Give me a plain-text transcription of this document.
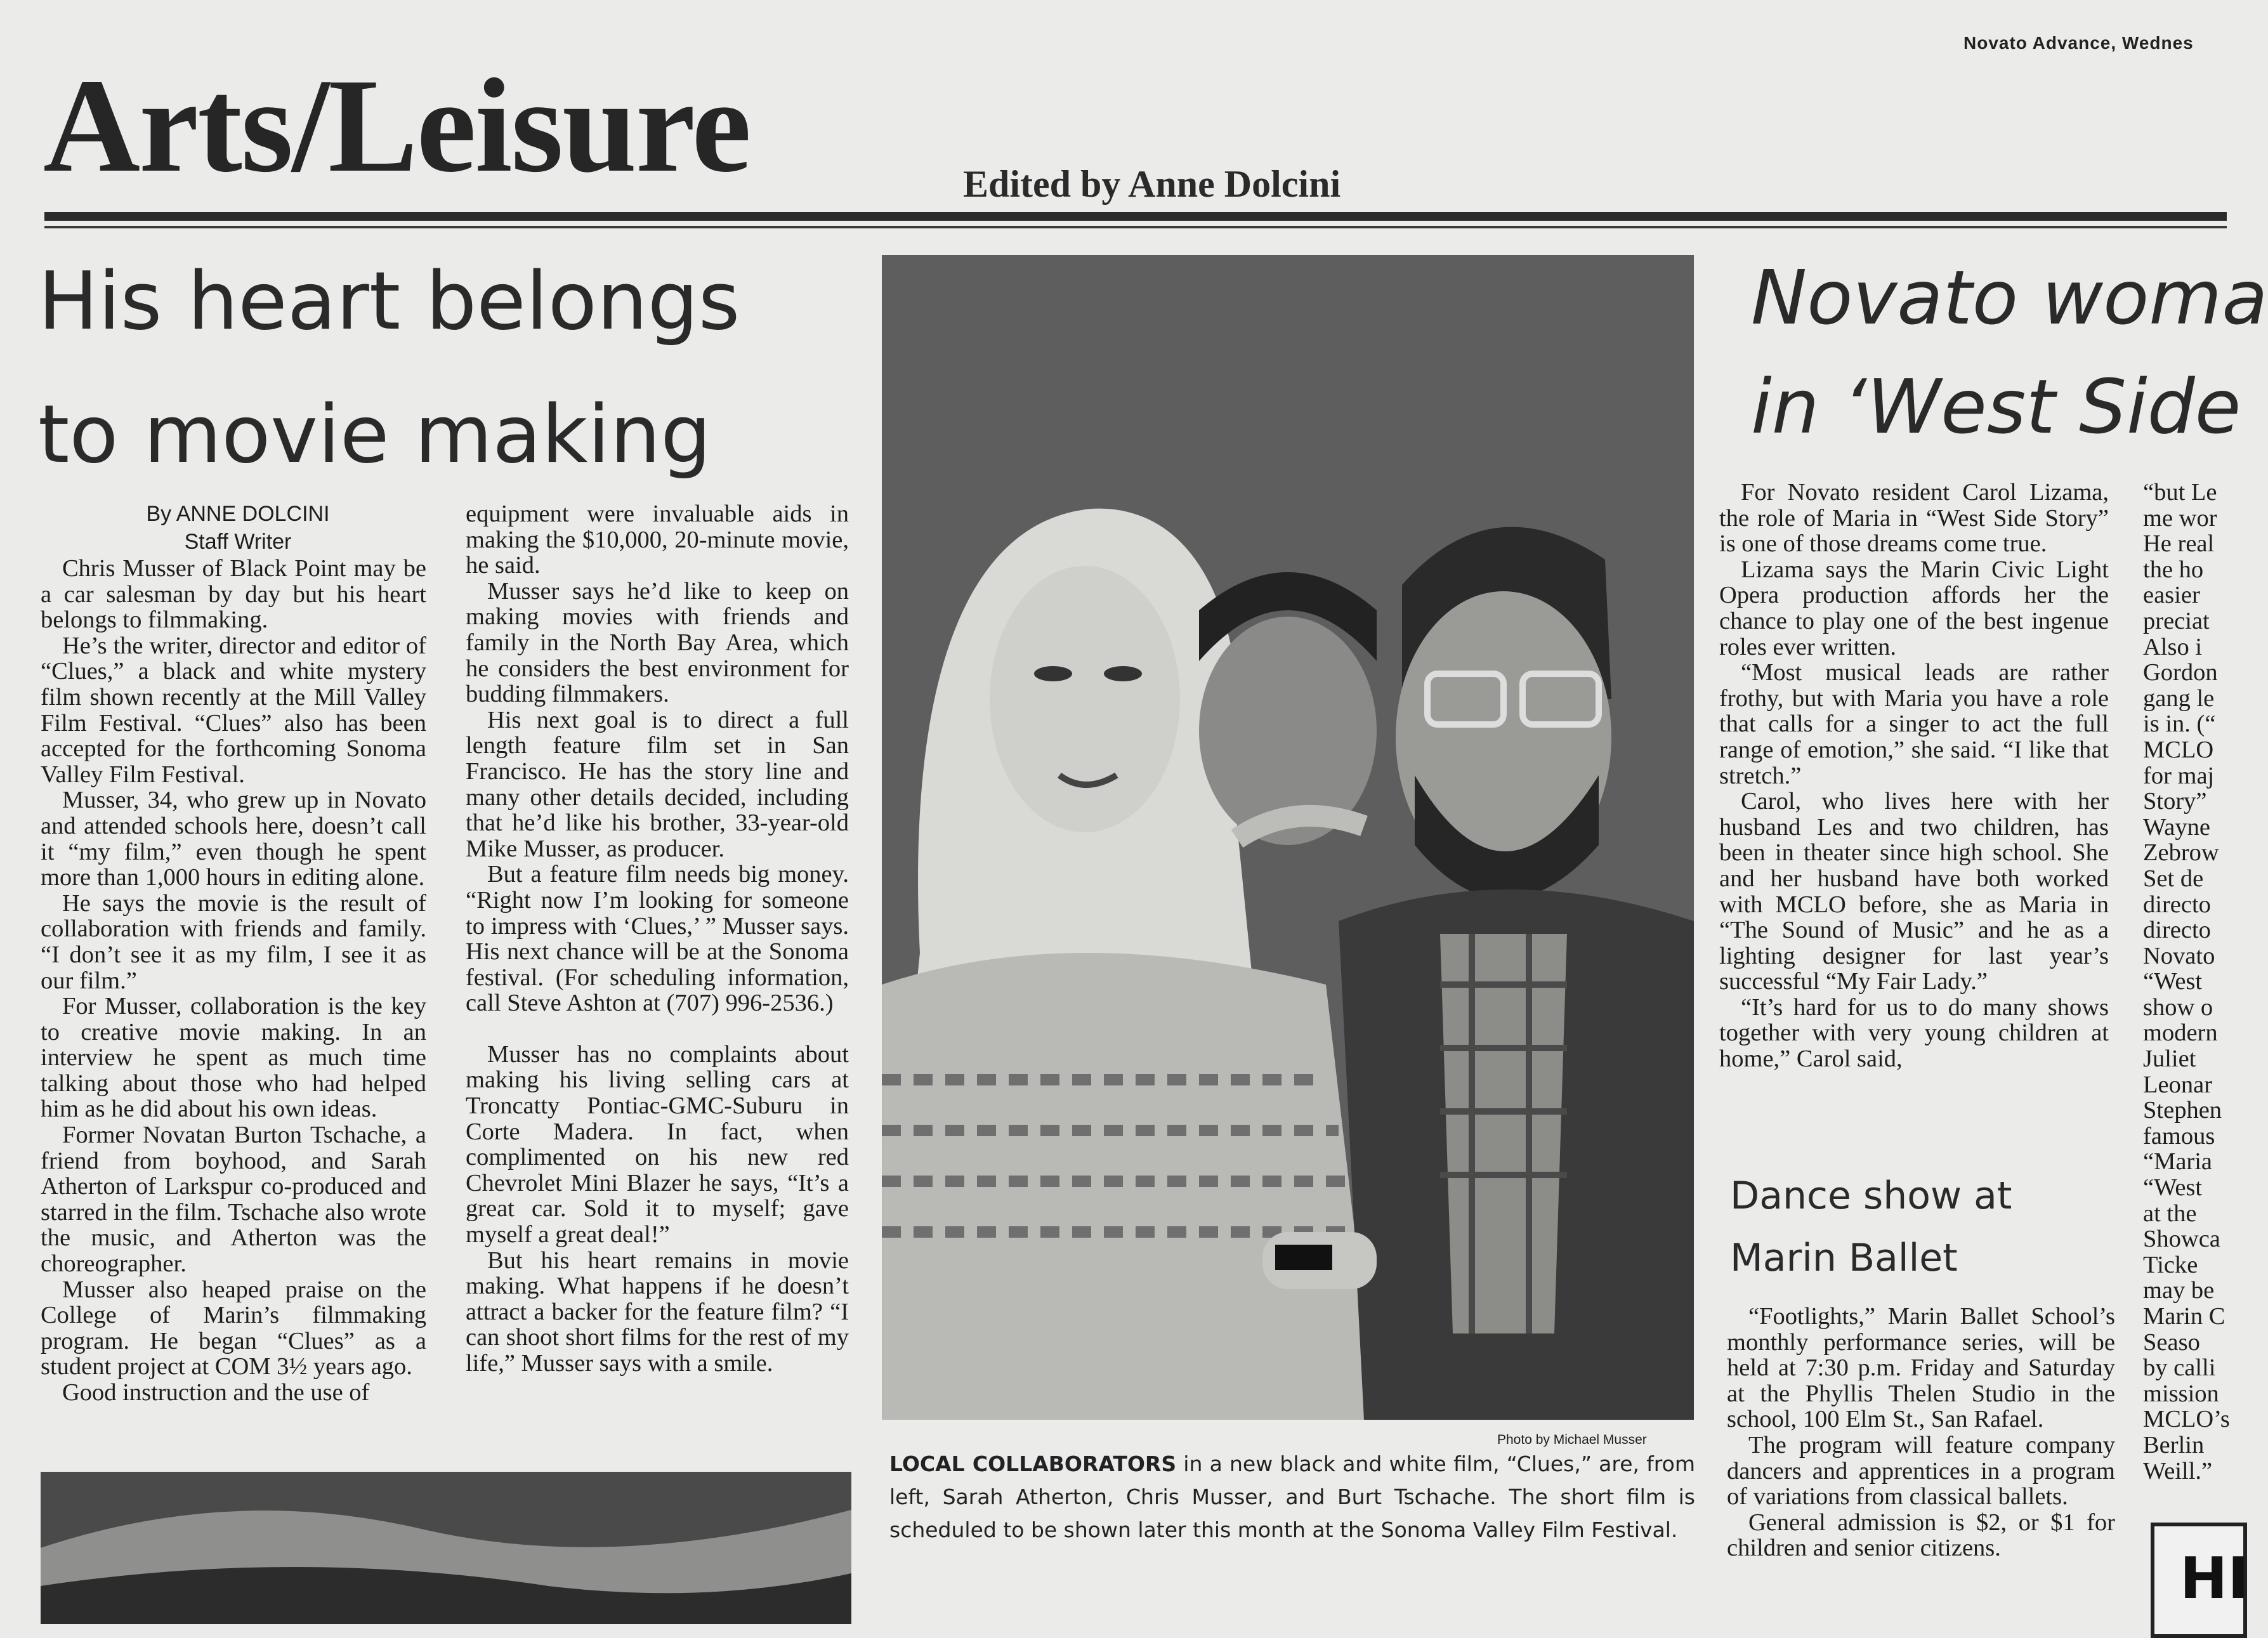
Novato Advance, Wednes
Arts/Leisure	Edited by Anne Dolcini
His heart belongs
to movie making
By ANNE DOLCINI
Staff Writer

Chris Musser of Black Point may be a car salesman by day but his heart belongs to filmmaking.

He’s the writer, director and editor of “Clues,” a black and white mystery film shown recently at the Mill Valley Film Festival. “Clues” also has been accepted for the forthcoming Sonoma Valley Film Festival.

Musser, 34, who grew up in Novato and attended schools here, doesn’t call it “my film,” even though he spent more than 1,000 hours in editing alone.

He says the movie is the result of collaboration with friends and family. “I don’t see it as my film, I see it as our film.”

For Musser, collaboration is the key to creative movie making. In an interview he spent as much time talking about those who had helped him as he did about his own ideas.

Former Novatan Burton Tschache, a friend from boyhood, and Sarah Atherton of Larkspur co-produced and starred in the film. Tschache also wrote the music, and Atherton was the choreographer.

Musser also heaped praise on the College of Marin’s filmmaking program. He began “Clues” as a student project at COM 3½ years ago.

Good instruction and the use of

equipment were invaluable aids in making the $10,000, 20-minute movie, he said.

Musser says he’d like to keep on making movies with friends and family in the North Bay Area, which he considers the best environment for budding filmmakers.

His next goal is to direct a full length feature film set in San Francisco. He has the story line and many other details decided, including that he’d like his brother, 33-year-old Mike Musser, as producer.

But a feature film needs big money. “Right now I’m looking for someone to impress with ‘Clues,’ ” Musser says. His next chance will be at the Sonoma festival. (For scheduling information, call Steve Ashton at (707) 996-2536.)

Musser has no complaints about making his living selling cars at Troncatty Pontiac-GMC-Suburu in Corte Madera. In fact, when complimented on his new red Chevrolet Mini Blazer he says, “It’s a great car. Sold it to myself; gave myself a great deal!”

But his heart remains in movie making. What happens if he doesn’t attract a backer for the feature film? “I can shoot short films for the rest of my life,” Musser says with a smile.

Photo by Michael Musser
LOCAL COLLABORATORS in a new black and white film, “Clues,” are, from left, Sarah Atherton, Chris Musser, and Burt Tschache. The short film is scheduled to be shown later this month at the Sonoma Valley Film Festival.
Novato woma
in ‘West Side

For Novato resident Carol Lizama, the role of Maria in “West Side Story” is one of those dreams come true.

Lizama says the Marin Civic Light Opera production affords her the chance to play one of the best ingenue roles ever written.

“Most musical leads are rather frothy, but with Maria you have a role that calls for a singer to act the full range of emotion,” she said. “I like that stretch.”

Carol, who lives here with her husband Les and two children, has been in theater since high school. She and her husband have both worked with MCLO before, she as Maria in “The Sound of Music” and he as a lighting designer for last year’s successful “My Fair Lady.”

“It’s hard for us to do many shows together with very young children at home,” Carol said,

“but Le

me wor

He real

the ho

easier

preciat

Also i

Gordon

gang le

is in. (“

MCLO

for maj

Story”

Wayne

Zebrow

Set de

directo

directo

Novato

“West

show o

modern

Juliet

Leonar

Stephen

famous

“Maria

“West

at the

Showca

Ticke

may be

Marin C

Seaso

by calli

mission

MCLO’s

Berlin

Weill.”

Dance show at
Marin Ballet

“Footlights,” Marin Ballet School’s monthly performance series, will be held at 7:30 p.m. Friday and Saturday at the Phyllis Thelen Studio in the school, 100 Elm St., San Rafael.

The program will feature company dancers and apprentices in a program of variations from classical ballets.

General admission is $2, or $1 for children and senior citizens.	HI
